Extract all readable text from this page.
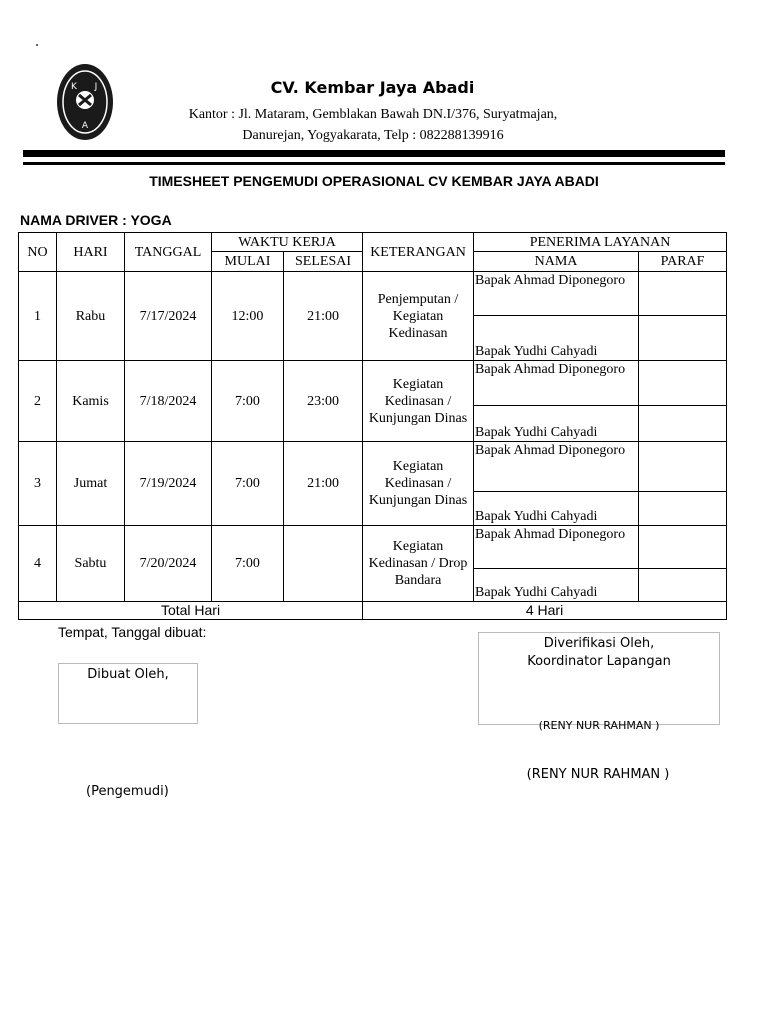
K J
A
CV. Kembar Jaya Abadi
Kantor : Jl. Mataram, Gemblakan Bawah DN.I/376, Suryatmajan,
Danurejan, Yogyakarata, Telp : 082288139916
TIMESHEET PENGEMUDI OPERASIONAL CV KEMBAR JAYA ABADI
NAMA DRIVER : YOGA
NO	HARI	TANGGAL	WAKTU KERJA		KETERANGAN	PENERIMA LAYANAN	
			MULAI	SELESAI		NAMA	PARAF
1	Rabu	7/17/2024	12:00	21:00	Penjemputan / Kegiatan Kedinasan	Bapak Ahmad Diponegoro	
						Bapak Yudhi Cahyadi	
2	Kamis	7/18/2024	7:00	23:00	Kegiatan Kedinasan / Kunjungan Dinas	Bapak Ahmad Diponegoro	
						Bapak Yudhi Cahyadi	
3	Jumat	7/19/2024	7:00	21:00	Kegiatan Kedinasan / Kunjungan Dinas	Bapak Ahmad Diponegoro	
						Bapak Yudhi Cahyadi	
4	Sabtu	7/20/2024	7:00		Kegiatan Kedinasan / Drop Bandara	Bapak Ahmad Diponegoro	
						Bapak Yudhi Cahyadi	
Total Hari					4 Hari		
Tempat, Tanggal dibuat:
Dibuat Oleh,
Diverifikasi Oleh,
Koordinator Lapangan
(RENY NUR RAHMAN )
(RENY NUR RAHMAN )
(Pengemudi)
